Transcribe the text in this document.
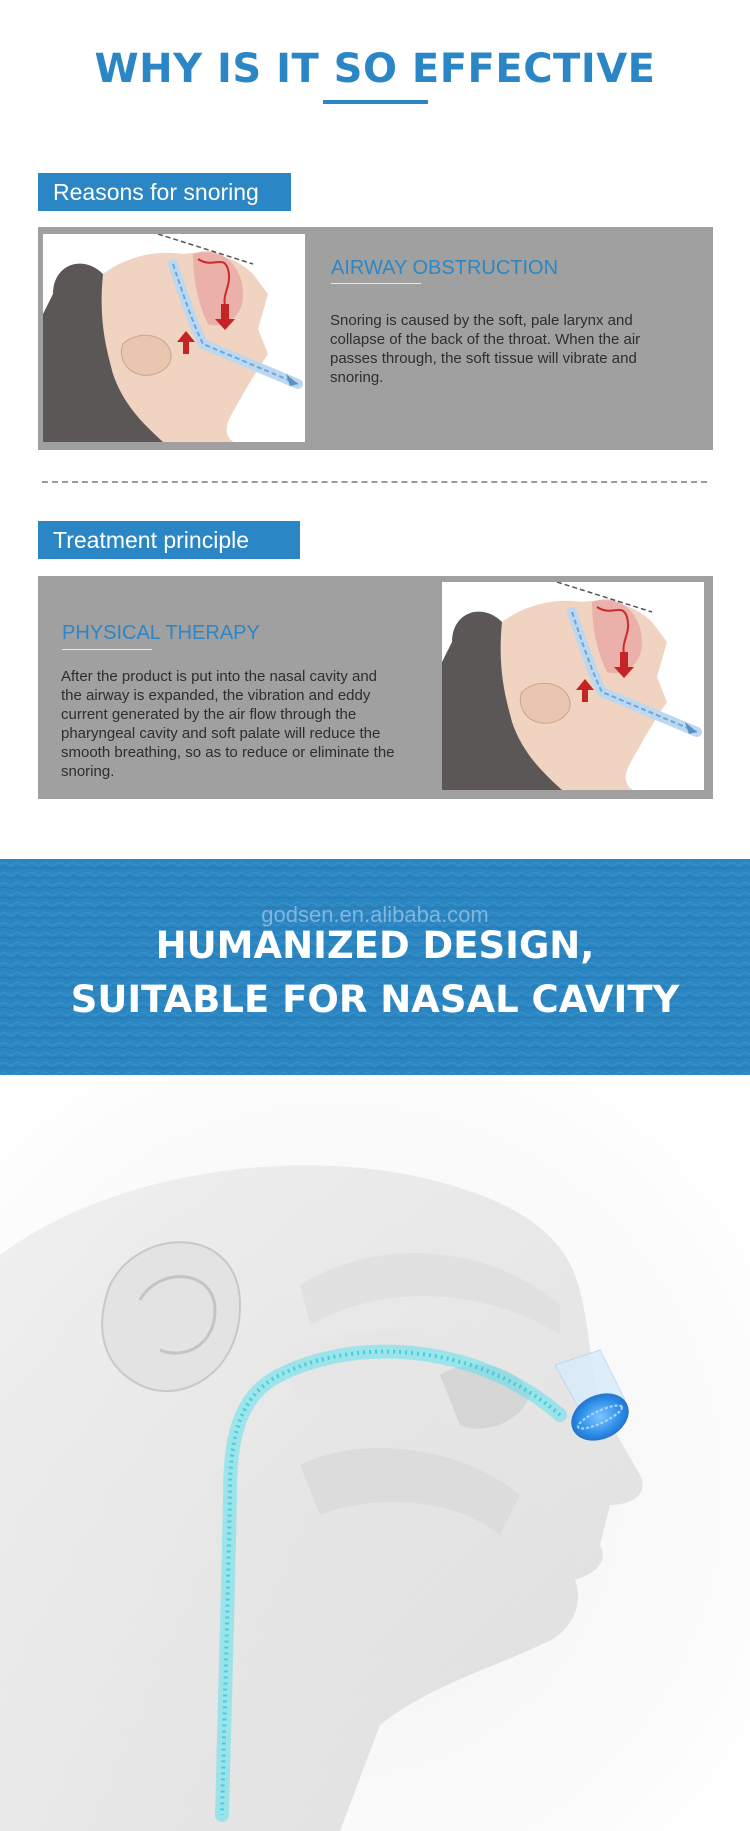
WHY IS IT SO EFFECTIVE
Reasons for snoring
AIRWAY OBSTRUCTION
Snoring is caused by the soft, pale larynx and collapse of the back of the throat. When the air passes through, the soft tissue will vibrate and snoring.
Treatment principle
PHYSICAL THERAPY
After the product is put into the nasal cavity and the airway is expanded, the vibration and eddy current generated by the air flow through the pharyngeal cavity and soft palate will reduce the smooth breathing, so as to reduce or eliminate the snoring.
godsen.en.alibaba.com
HUMANIZED DESIGN,
SUITABLE FOR NASAL CAVITY
